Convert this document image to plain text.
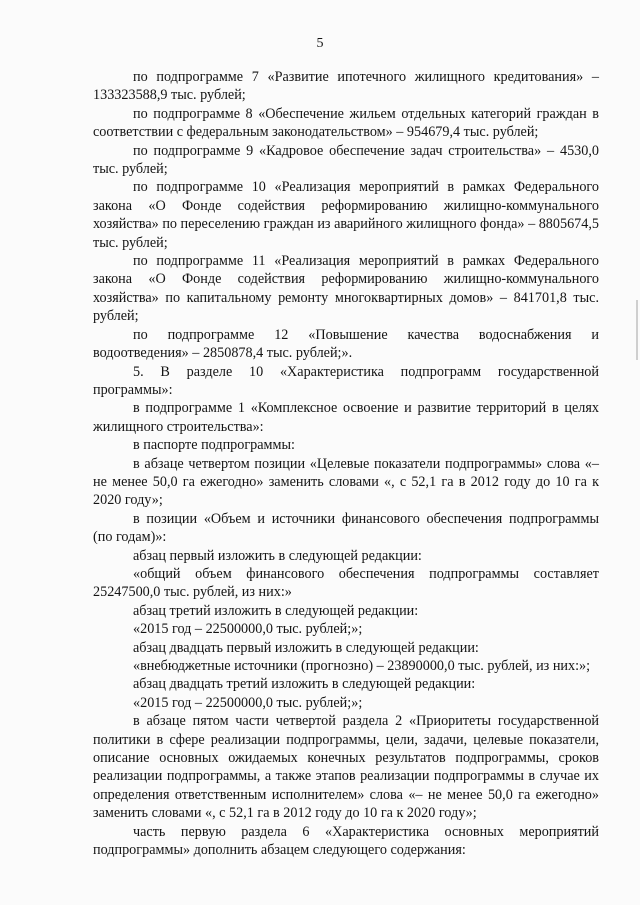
5

по подпрограмме 7 «Развитие ипотечного жилищного кредитования» – 133323588,9 тыс. рублей;

по подпрограмме 8 «Обеспечение жильем отдельных категорий граждан в соответствии с федеральным законодательством» – 954679,4 тыс. рублей;

по подпрограмме 9 «Кадровое обеспечение задач строительства» – 4530,0 тыс. рублей;

по подпрограмме 10 «Реализация мероприятий в рамках Федерального закона «О Фонде содействия реформированию жилищно-коммунального хозяйства» по переселению граждан из аварийного жилищного фонда» – 8805674,5 тыс. рублей;

по подпрограмме 11 «Реализация мероприятий в рамках Федерального закона «О Фонде содействия реформированию жилищно-коммунального хозяйства» по капитальному ремонту многоквартирных домов» – 841701,8 тыс. рублей;

по подпрограмме 12 «Повышение качества водоснабжения и водоотведения» – 2850878,4 тыс. рублей;».

5. В разделе 10 «Характеристика подпрограмм государственной программы»:

в подпрограмме 1 «Комплексное освоение и развитие территорий в целях жилищного строительства»:

в паспорте подпрограммы:

в абзаце четвертом позиции «Целевые показатели подпрограммы» слова «– не менее 50,0 га ежегодно» заменить словами «, с 52,1 га в 2012 году до 10 га к 2020 году»;

в позиции «Объем и источники финансового обеспечения подпрограммы (по годам)»:

абзац первый изложить в следующей редакции:

«общий объем финансового обеспечения подпрограммы составляет 25247500,0 тыс. рублей, из них:»

абзац третий изложить в следующей редакции:

«2015 год – 22500000,0 тыс. рублей;»;

абзац двадцать первый изложить в следующей редакции:

«внебюджетные источники (прогнозно) – 23890000,0 тыс. рублей, из них:»;

абзац двадцать третий изложить в следующей редакции:

«2015 год – 22500000,0 тыс. рублей;»;

в абзаце пятом части четвертой раздела 2 «Приоритеты государственной политики в сфере реализации подпрограммы, цели, задачи, целевые показатели, описание основных ожидаемых конечных результатов подпрограммы, сроков реализации подпрограммы, а также этапов реализации подпрограммы в случае их определения ответственным исполнителем» слова «– не менее 50,0 га ежегодно» заменить словами «, с 52,1 га в 2012 году до 10 га к 2020 году»;

часть первую раздела 6 «Характеристика основных мероприятий подпрограммы» дополнить абзацем следующего содержания:
